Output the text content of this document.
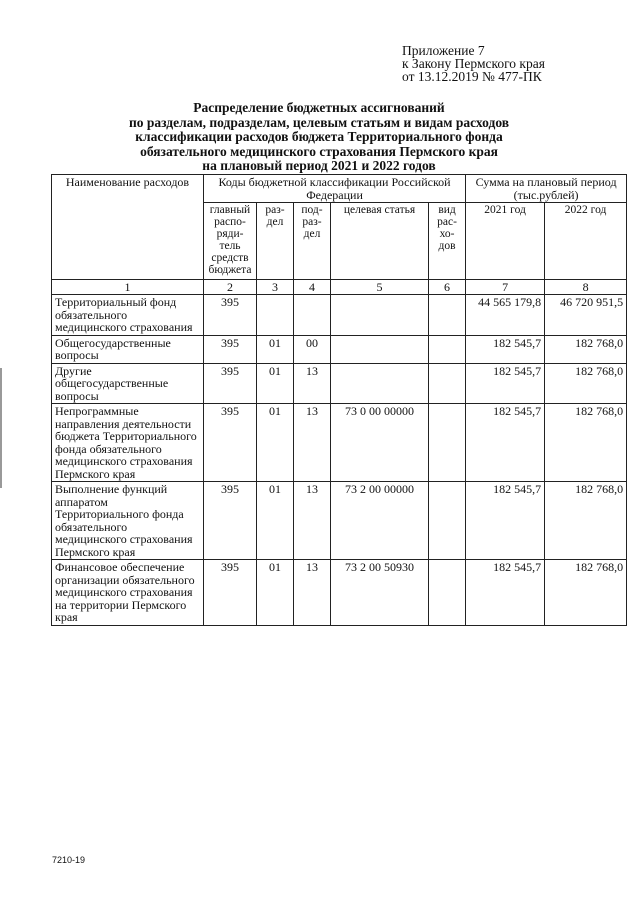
Приложение 7
к Закону Пермского края
от 13.12.2019 № 477-ПК
Распределение бюджетных ассигнований
по разделам, подразделам, целевым статьям и видам расходов
классификации расходов бюджета Территориального фонда
обязательного медицинского страхования Пермского края
на плановый период 2021 и 2022 годов
Наименование расходов	Коды бюджетной классификации Российской Федерации					Сумма на плановый период (тыс.рублей)	
	главный распо-ряди-тель средств бюджета	раз-дел	под-раз-дел	целевая статья	вид рас-хо-дов	2021 год	2022 год
1	2	3	4	5	6	7	8
Территориальный фонд обязательного медицинского страхования	395					44 565 179,8	46 720 951,5
Общегосударственные вопросы	395	01	00			182 545,7	182 768,0
Другие общегосударственные вопросы	395	01	13			182 545,7	182 768,0
Непрограммные направления деятельности бюджета Территориального фонда обязательного медицинского страхования Пермского края	395	01	13	73 0 00 00000		182 545,7	182 768,0
Выполнение функций аппаратом Территориального фонда обязательного медицинского страхования Пермского края	395	01	13	73 2 00 00000		182 545,7	182 768,0
Финансовое обеспечение организации обязательного медицинского страхования на территории Пермского края	395	01	13	73 2 00 50930		182 545,7	182 768,0
7210-19
